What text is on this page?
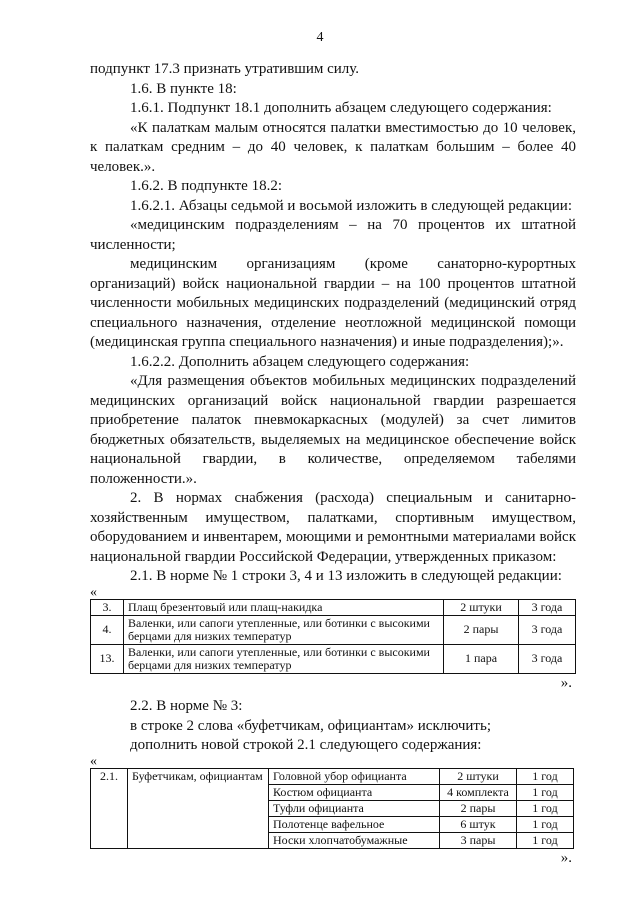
4

подпункт 17.3 признать утратившим силу.

1.6. В пункте 18:

1.6.1. Подпункт 18.1 дополнить абзацем следующего содержания:

«К палаткам малым относятся палатки вместимостью до 10 человек, к палаткам средним – до 40 человек, к палаткам большим – более 40 человек.».

1.6.2. В подпункте 18.2:

1.6.2.1. Абзацы седьмой и восьмой изложить в следующей редакции:

«медицинским подразделениям – на 70 процентов их штатной численности;

медицинским организациям (кроме санаторно-курортных организаций) войск национальной гвардии – на 100 процентов штатной численности мобильных медицинских подразделений (медицинский отряд специального назначения, отделение неотложной медицинской помощи (медицинская группа специального назначения) и иные подразделения);».

1.6.2.2. Дополнить абзацем следующего содержания:

«Для размещения объектов мобильных медицинских подразделений медицинских организаций войск национальной гвардии разрешается приобретение палаток пневмокаркасных (модулей) за счет лимитов бюджетных обязательств, выделяемых на медицинское обеспечение войск национальной гвардии, в количестве, определяемом табелями положенности.».

2. В нормах снабжения (расхода) специальным и санитарно-хозяйственным имуществом, палатками, спортивным имуществом, оборудованием и инвентарем, моющими и ремонтными материалами войск национальной гвардии Российской Федерации, утвержденных приказом:

2.1. В норме № 1 строки 3, 4 и 13 изложить в следующей редакции:

«
3.	Плащ брезентовый или плащ-накидка	2 штуки	3 года
4.	Валенки, или сапоги утепленные, или ботинки с высокими берцами для низких температур	2 пары	3 года
13.	Валенки, или сапоги утепленные, или ботинки с высокими берцами для низких температур	1 пара	3 года
».

2.2. В норме № 3:

в строке 2 слова «буфетчикам, официантам» исключить;

дополнить новой строкой 2.1 следующего содержания:

«
2.1.	Буфетчикам, официантам	Головной убор официанта	2 штуки	1 год
		Костюм официанта	4 комплекта	1 год
		Туфли официанта	2 пары	1 год
		Полотенце вафельное	6 штук	1 год
		Носки хлопчатобумажные	3 пары	1 год
».
